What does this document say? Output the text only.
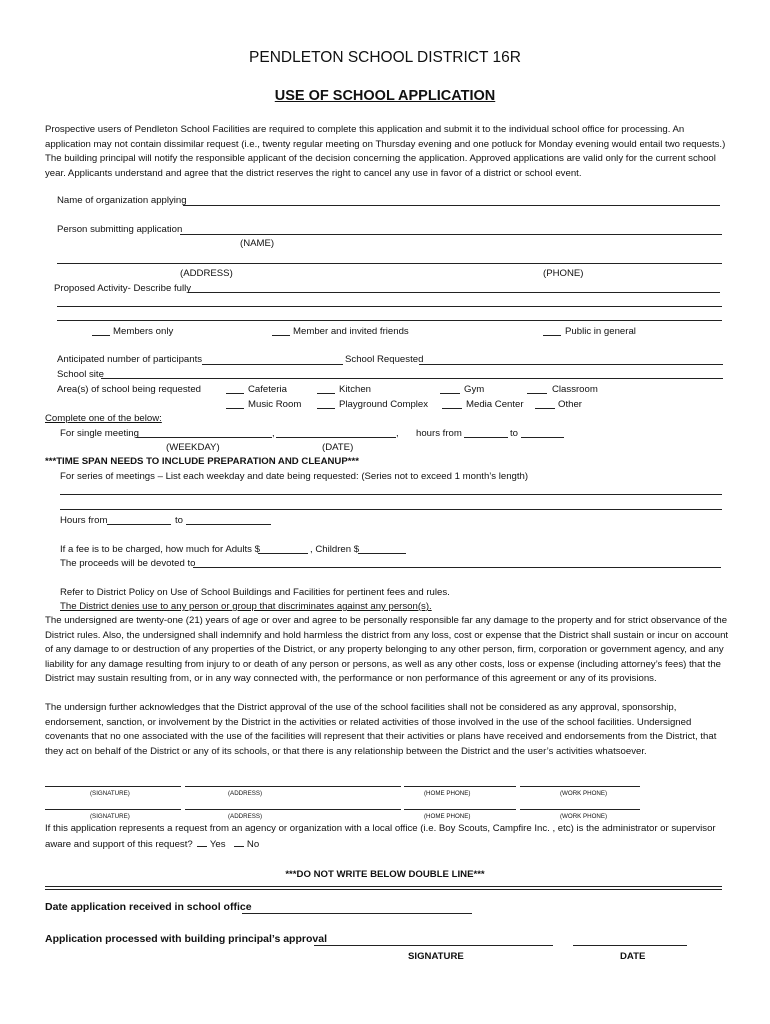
PENDLETON SCHOOL DISTRICT 16R
USE OF SCHOOL APPLICATION
Prospective users of Pendleton School Facilities are required to complete this application and submit it to the individual school office for processing. An application may not contain dissimilar request (i.e., twenty regular meeting on Thursday evening and one potluck for Monday evening would entail two requests.) The building principal will notify the responsible applicant of the decision concerning the application. Approved applications are valid only for the current school year. Applicants understand and agree that the district reserves the right to cancel any use in favor of a district or school event.
Name of organization applying
Person submitting application
(NAME)
(ADDRESS)	(PHONE)
Proposed Activity- Describe fully
Members only	Member and invited friends	Public in general
Anticipated number of participants	School Requested
School site
Area(s) of school being requested	Cafeteria	Kitchen	Gym	Classroom
Music Room	Playground Complex	Media Center	Other
Complete one of the below:
For single meeting	,	, hours from	to
(WEEKDAY)	(DATE)
***TIME SPAN NEEDS TO INCLUDE PREPARATION AND CLEANUP***
For series of meetings – List each weekday and date being requested: (Series not to exceed 1 month’s length)
Hours from	to
If a fee is to be charged, how much for Adults $	, Children $
The proceeds will be devoted to
Refer to District Policy on Use of School Buildings and Facilities for pertinent fees and rules.
The District denies use to any person or group that discriminates against any person(s).
The undersigned are twenty-one (21) years of age or over and agree to be personally responsible far any damage to the property and for strict observance of the District rules. Also, the undersigned shall indemnify and hold harmless the district from any loss, cost or expense that the District shall sustain or incur on account of any damage to or destruction of any properties of the District, or any property belonging to any other person, firm, corporation or government agency, and any liability for any damage resulting from injury to or death of any person or persons, as well as any other costs, loss or expense (including attorney’s fees) that the District may sustain resulting from, or in any way connected with, the performance or non performance of this agreement or any of its provisions.
The undersign further acknowledges that the District approval of the use of the school facilities shall not be considered as any approval, sponsorship, endorsement, sanction, or involvement by the District in the activities or related activities of those involved in the use of the school facilities. Undersigned covenants that no one associated with the use of the facilities will represent that their activities or plans have received and endorsements from the District, that they act on behalf of the District or any of its schools, or that there is any relationship between the District and the user’s activities whatsoever.
(SIGNATURE)	(ADDRESS)	(HOME PHONE)	(WORK PHONE)
(SIGNATURE)	(ADDRESS)	(HOME PHONE)	(WORK PHONE)
If this application represents a request from an agency or organization with a local office (i.e. Boy Scouts, Campfire Inc. , etc) is the administrator or supervisor aware and support of this request? Yes No
***DO NOT WRITE BELOW DOUBLE LINE***
Date application received in school office
Application processed with building principal’s approval
SIGNATURE	DATE
